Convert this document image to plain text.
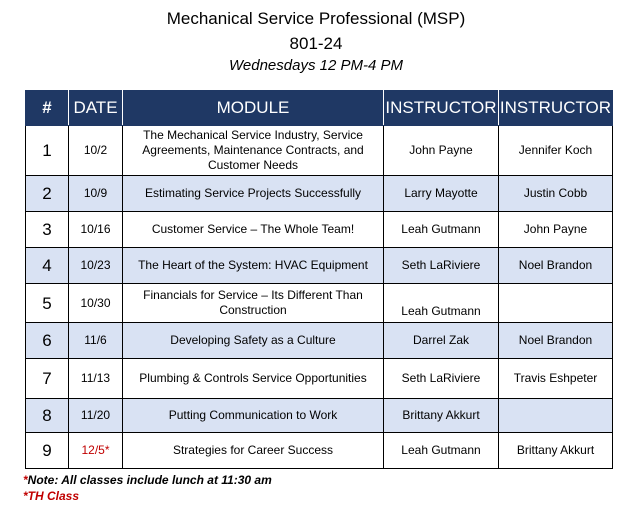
Mechanical Service Professional (MSP)
801-24
Wednesdays 12 PM-4 PM
#	DATE	MODULE	INSTRUCTOR	INSTRUCTOR
1	10/2	The Mechanical Service Industry, Service Agreements, Maintenance Contracts, and Customer Needs	John Payne	Jennifer Koch
2	10/9	Estimating Service Projects Successfully	Larry Mayotte	Justin Cobb
3	10/16	Customer Service – The Whole Team!	Leah Gutmann	John Payne
4	10/23	The Heart of the System: HVAC Equipment	Seth LaRiviere	Noel Brandon
5	10/30	Financials for Service – Its Different Than Construction	Leah Gutmann	
6	11/6	Developing Safety as a Culture	Darrel Zak	Noel Brandon
7	11/13	Plumbing & Controls Service Opportunities	Seth LaRiviere	Travis Eshpeter
8	11/20	Putting Communication to Work	Brittany Akkurt	
9	12/5*	Strategies for Career Success	Leah Gutmann	Brittany Akkurt
*Note: All classes include lunch at 11:30 am
*TH Class
